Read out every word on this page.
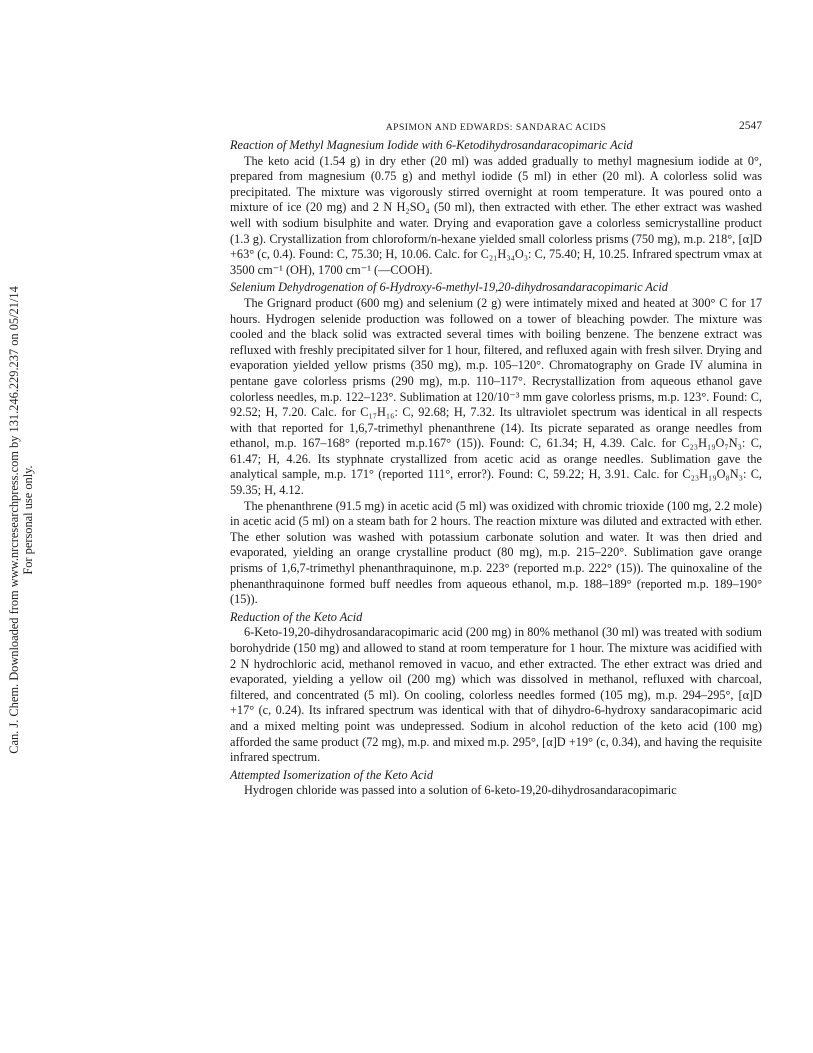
Can. J. Chem. Downloaded from www.nrcresearchpress.com by 131.246.229.237 on 05/21/14 For personal use only.
APSIMON AND EDWARDS: SANDARAC ACIDS	2547
Reaction of Methyl Magnesium Iodide with 6-Ketodihydrosandaracopimaric Acid

The keto acid (1.54 g) in dry ether (20 ml) was added gradually to methyl magnesium iodide at 0°, prepared from magnesium (0.75 g) and methyl iodide (5 ml) in ether (20 ml). A colorless solid was precipitated. The mixture was vigorously stirred overnight at room temperature. It was poured onto a mixture of ice (20 mg) and 2 N H₂SO₄ (50 ml), then extracted with ether. The ether extract was washed well with sodium bisulphite and water. Drying and evaporation gave a colorless semicrystalline product (1.3 g). Crystallization from chloroform/n-hexane yielded small colorless prisms (750 mg), m.p. 218°, [α]D +63° (c, 0.4). Found: C, 75.30; H, 10.06. Calc. for C₂₁H₃₄O₃: C, 75.40; H, 10.25. Infrared spectrum νmax at 3500 cm⁻¹ (OH), 1700 cm⁻¹ (—COOH).

Selenium Dehydrogenation of 6-Hydroxy-6-methyl-19,20-dihydrosandaracopimaric Acid

The Grignard product (600 mg) and selenium (2 g) were intimately mixed and heated at 300° C for 17 hours. Hydrogen selenide production was followed on a tower of bleaching powder. The mixture was cooled and the black solid was extracted several times with boiling benzene. The benzene extract was refluxed with freshly precipitated silver for 1 hour, filtered, and refluxed again with fresh silver. Drying and evaporation yielded yellow prisms (350 mg), m.p. 105–120°. Chromatography on Grade IV alumina in pentane gave colorless prisms (290 mg), m.p. 110–117°. Recrystallization from aqueous ethanol gave colorless needles, m.p. 122–123°. Sublimation at 120/10⁻³ mm gave colorless prisms, m.p. 123°. Found: C, 92.52; H, 7.20. Calc. for C₁₇H₁₆: C, 92.68; H, 7.32. Its ultraviolet spectrum was identical in all respects with that reported for 1,6,7-trimethyl phenanthrene (14). Its picrate separated as orange needles from ethanol, m.p. 167–168° (reported m.p.167° (15)). Found: C, 61.34; H, 4.39. Calc. for C₂₃H₁₉O₇N₃: C, 61.47; H, 4.26. Its styphnate crystallized from acetic acid as orange needles. Sublimation gave the analytical sample, m.p. 171° (reported 111°, error?). Found: C, 59.22; H, 3.91. Calc. for C₂₃H₁₉O₈N₃: C, 59.35; H, 4.12.

The phenanthrene (91.5 mg) in acetic acid (5 ml) was oxidized with chromic trioxide (100 mg, 2.2 mole) in acetic acid (5 ml) on a steam bath for 2 hours. The reaction mixture was diluted and extracted with ether. The ether solution was washed with potassium carbonate solution and water. It was then dried and evaporated, yielding an orange crystalline product (80 mg), m.p. 215–220°. Sublimation gave orange prisms of 1,6,7-trimethyl phenanthraquinone, m.p. 223° (reported m.p. 222° (15)). The quinoxaline of the phenanthraquinone formed buff needles from aqueous ethanol, m.p. 188–189° (reported m.p. 189–190° (15)).

Reduction of the Keto Acid

6-Keto-19,20-dihydrosandaracopimaric acid (200 mg) in 80% methanol (30 ml) was treated with sodium borohydride (150 mg) and allowed to stand at room temperature for 1 hour. The mixture was acidified with 2 N hydrochloric acid, methanol removed in vacuo, and ether extracted. The ether extract was dried and evaporated, yielding a yellow oil (200 mg) which was dissolved in methanol, refluxed with charcoal, filtered, and concentrated (5 ml). On cooling, colorless needles formed (105 mg), m.p. 294–295°, [α]D +17° (c, 0.24). Its infrared spectrum was identical with that of dihydro-6-hydroxy sandaracopimaric acid and a mixed melting point was undepressed. Sodium in alcohol reduction of the keto acid (100 mg) afforded the same product (72 mg), m.p. and mixed m.p. 295°, [α]D +19° (c, 0.34), and having the requisite infrared spectrum.

Attempted Isomerization of the Keto Acid

Hydrogen chloride was passed into a solution of 6-keto-19,20-dihydrosandaracopimaric
